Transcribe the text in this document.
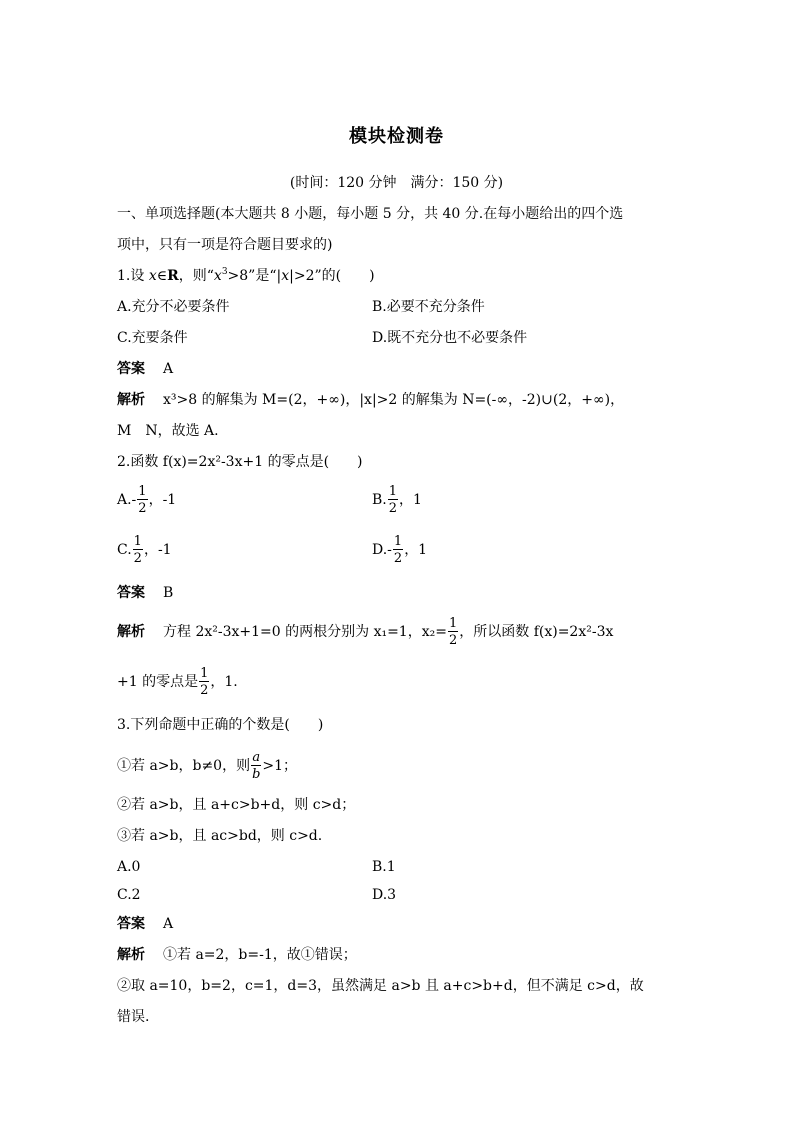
模块检测卷
(时间：120 分钟　满分：150 分)
一、单项选择题(本大题共 8 小题，每小题 5 分，共 40 分.在每小题给出的四个选
项中，只有一项是符合题目要求的)
1.设 x∈R，则“$x^3>8$”是“|x|>2”的(　　)
A.充分不必要条件	B.必要不充分条件
C.充要条件	D.既不充分也不必要条件
答案 A
解析 x³>8 的解集为 M=(2，+∞)，|x|>2 的解集为 N=(-∞，-2)∪(2，+∞)，
M　N，故选 A.
2.函数 f(x)=2x²-3x+1 的零点是(　　)
$A.- \frac{1}{2}$ ，-1	B. $\frac{1}{2}$ ，1
C. $\frac{1}{2}$ ，-1	$D.- \frac{1}{2}$ ，1
答案 B
解析 方程 2x²-3x+1=0 的两根分别为 x₁=1，$x_2= \frac{1}{2}$ ，所以函数 f(x)=2x²-3x
+1 的零点是 $\frac{1}{2}$ ，1.
3.下列命题中正确的个数是(　　)
①若 a>b，b≠0，则 $\frac{a}{b} >1$；
②若 a>b，且 a+c>b+d，则 c>d；
③若 a>b，且 ac>bd，则 c>d.
A.0	B.1
C.2	D.3
答案 A
解析 ①若 a=2，b=-1，故①错误；
②取 a=10，b=2，c=1，d=3，虽然满足 a>b 且 a+c>b+d，但不满足 c>d，故
错误.
